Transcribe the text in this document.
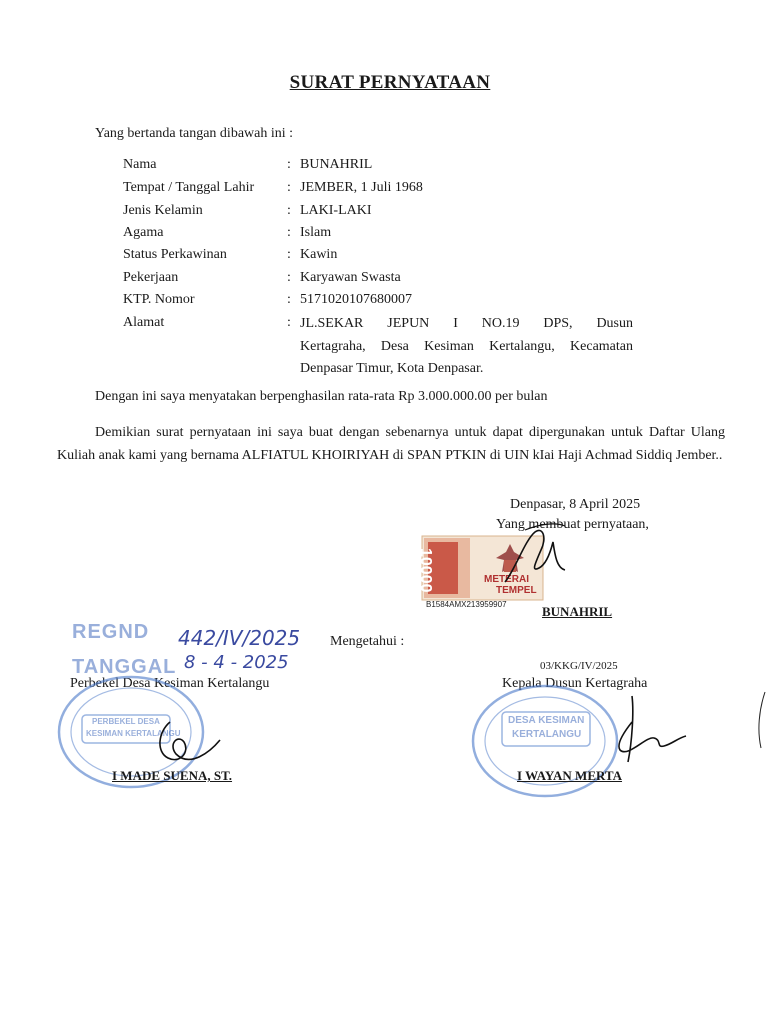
SURAT PERNYATAAN
Yang bertanda tangan dibawah ini :
Nama	: BUNAHRIL
Tempat / Tanggal Lahir : JEMBER, 1 Juli 1968
Jenis Kelamin	: LAKI-LAKI
Agama	: Islam
Status Perkawinan	: Kawin
Pekerjaan	: Karyawan Swasta
KTP. Nomor	: 5171020107680007
Alamat	: JL.SEKAR JEPUN I NO.19 DPS, Dusun
Kertagraha, Desa Kesiman Kertalangu, Kecamatan
Denpasar Timur, Kota Denpasar.
Dengan ini saya menyatakan berpenghasilan rata-rata Rp 3.000.000.00 per bulan
Demikian surat pernyataan ini saya buat dengan sebenarnya untuk dapat dipergunakan untuk Daftar Ulang Kuliah anak kami yang bernama ALFIATUL KHOIRIYAH di SPAN PTKIN di UIN kIai Haji Achmad Siddiq Jember..
Denpasar, 8 April 2025
Yang membuat pernyataan,
10000	METERAI
TEMPEL
B1584AMX213959907	BUNAHRIL
REGND
TANGGAL
442/IV/2025
8 - 4 - 2025
Mengetahui :
03/KKG/IV/2025
Perbekel Desa Kesiman Kertalangu	Kepala Dusun Kertagraha
PERBEKEL DESA
KESIMAN KERTALANGU
I MADE SUENA, ST.
DESA KESIMAN
KERTALANGU
I WAYAN MERTA
